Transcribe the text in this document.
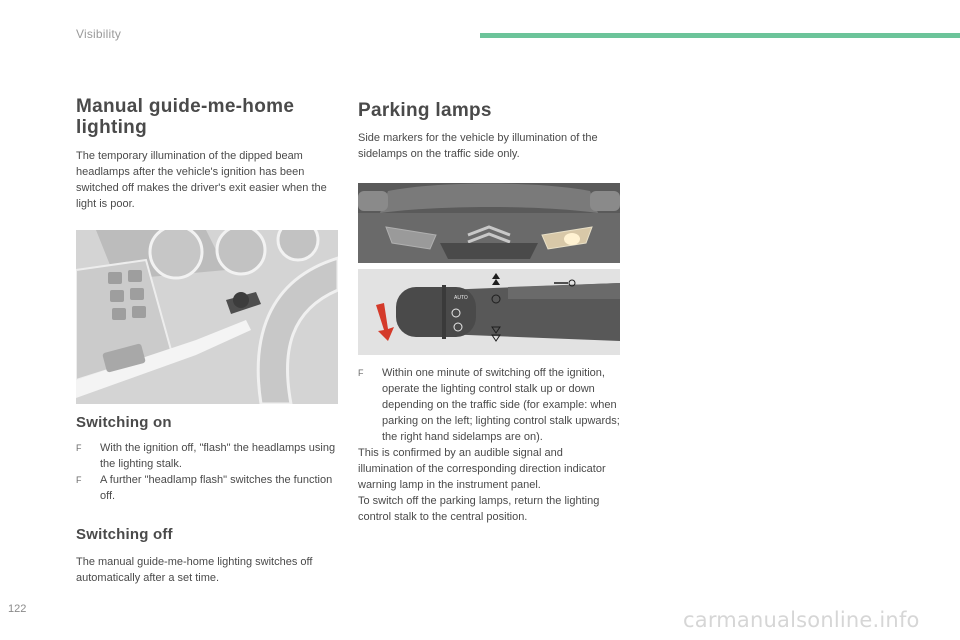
Visibility
Manual guide-me-home lighting

The temporary illumination of the dipped beam headlamps after the vehicle's ignition has been switched off makes the driver's exit easier when the light is poor.

Switching on
F With the ignition off, "flash" the headlamps using the lighting stalk.
F A further "headlamp flash" switches the function off.
Switching off

The manual guide-me-home lighting switches off automatically after a set time.

Parking lamps

Side markers for the vehicle by illumination of the sidelamps on the traffic side only.

AUTO
F Within one minute of switching off the ignition, operate the lighting control stalk up or down depending on the traffic side (for example: when parking on the left; lighting control stalk upwards; the right hand sidelamps are on).

This is confirmed by an audible signal and illumination of the corresponding direction indicator warning lamp in the instrument panel.

To switch off the parking lamps, return the lighting control stalk to the central position.

122	carmanualsonline.info
